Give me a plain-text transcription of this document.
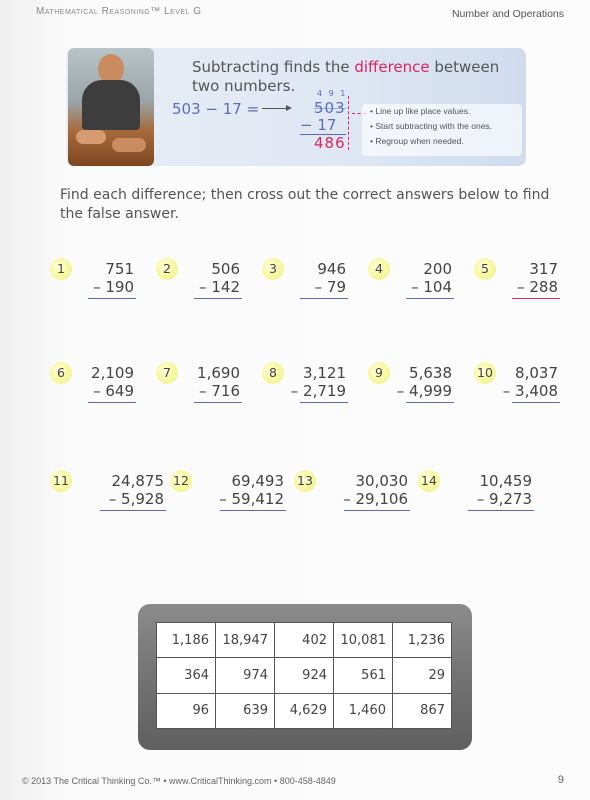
Mathematical Reasoning™ Level G	Number and Operations
Subtracting finds the difference between two numbers.
503 − 17 =
4 9 1
503
− 17
486
• Line up like place values.
• Start subtracting with the ones.
• Regroup when needed.
Find each difference; then cross out the correct answers below to find the false answer.
1	751
– 190
2	506
– 142
3	946
– 79
4	200
– 104
5	317
– 288
6	2,109
– 649
7	1,690
– 716
8	3,121
– 2,719
9	5,638
– 4,999
10 8,037
– 3,408
11	24,875
– 5,928
12	69,493
– 59,412
13	30,030
– 29,106
14	10,459
– 9,273
1,186	18,947	402	10,081	1,236
364	974	924	561	29
96	639	4,629	1,460	867
© 2013 The Critical Thinking Co.™ • www.CriticalThinking.com • 800-458-4849	9
